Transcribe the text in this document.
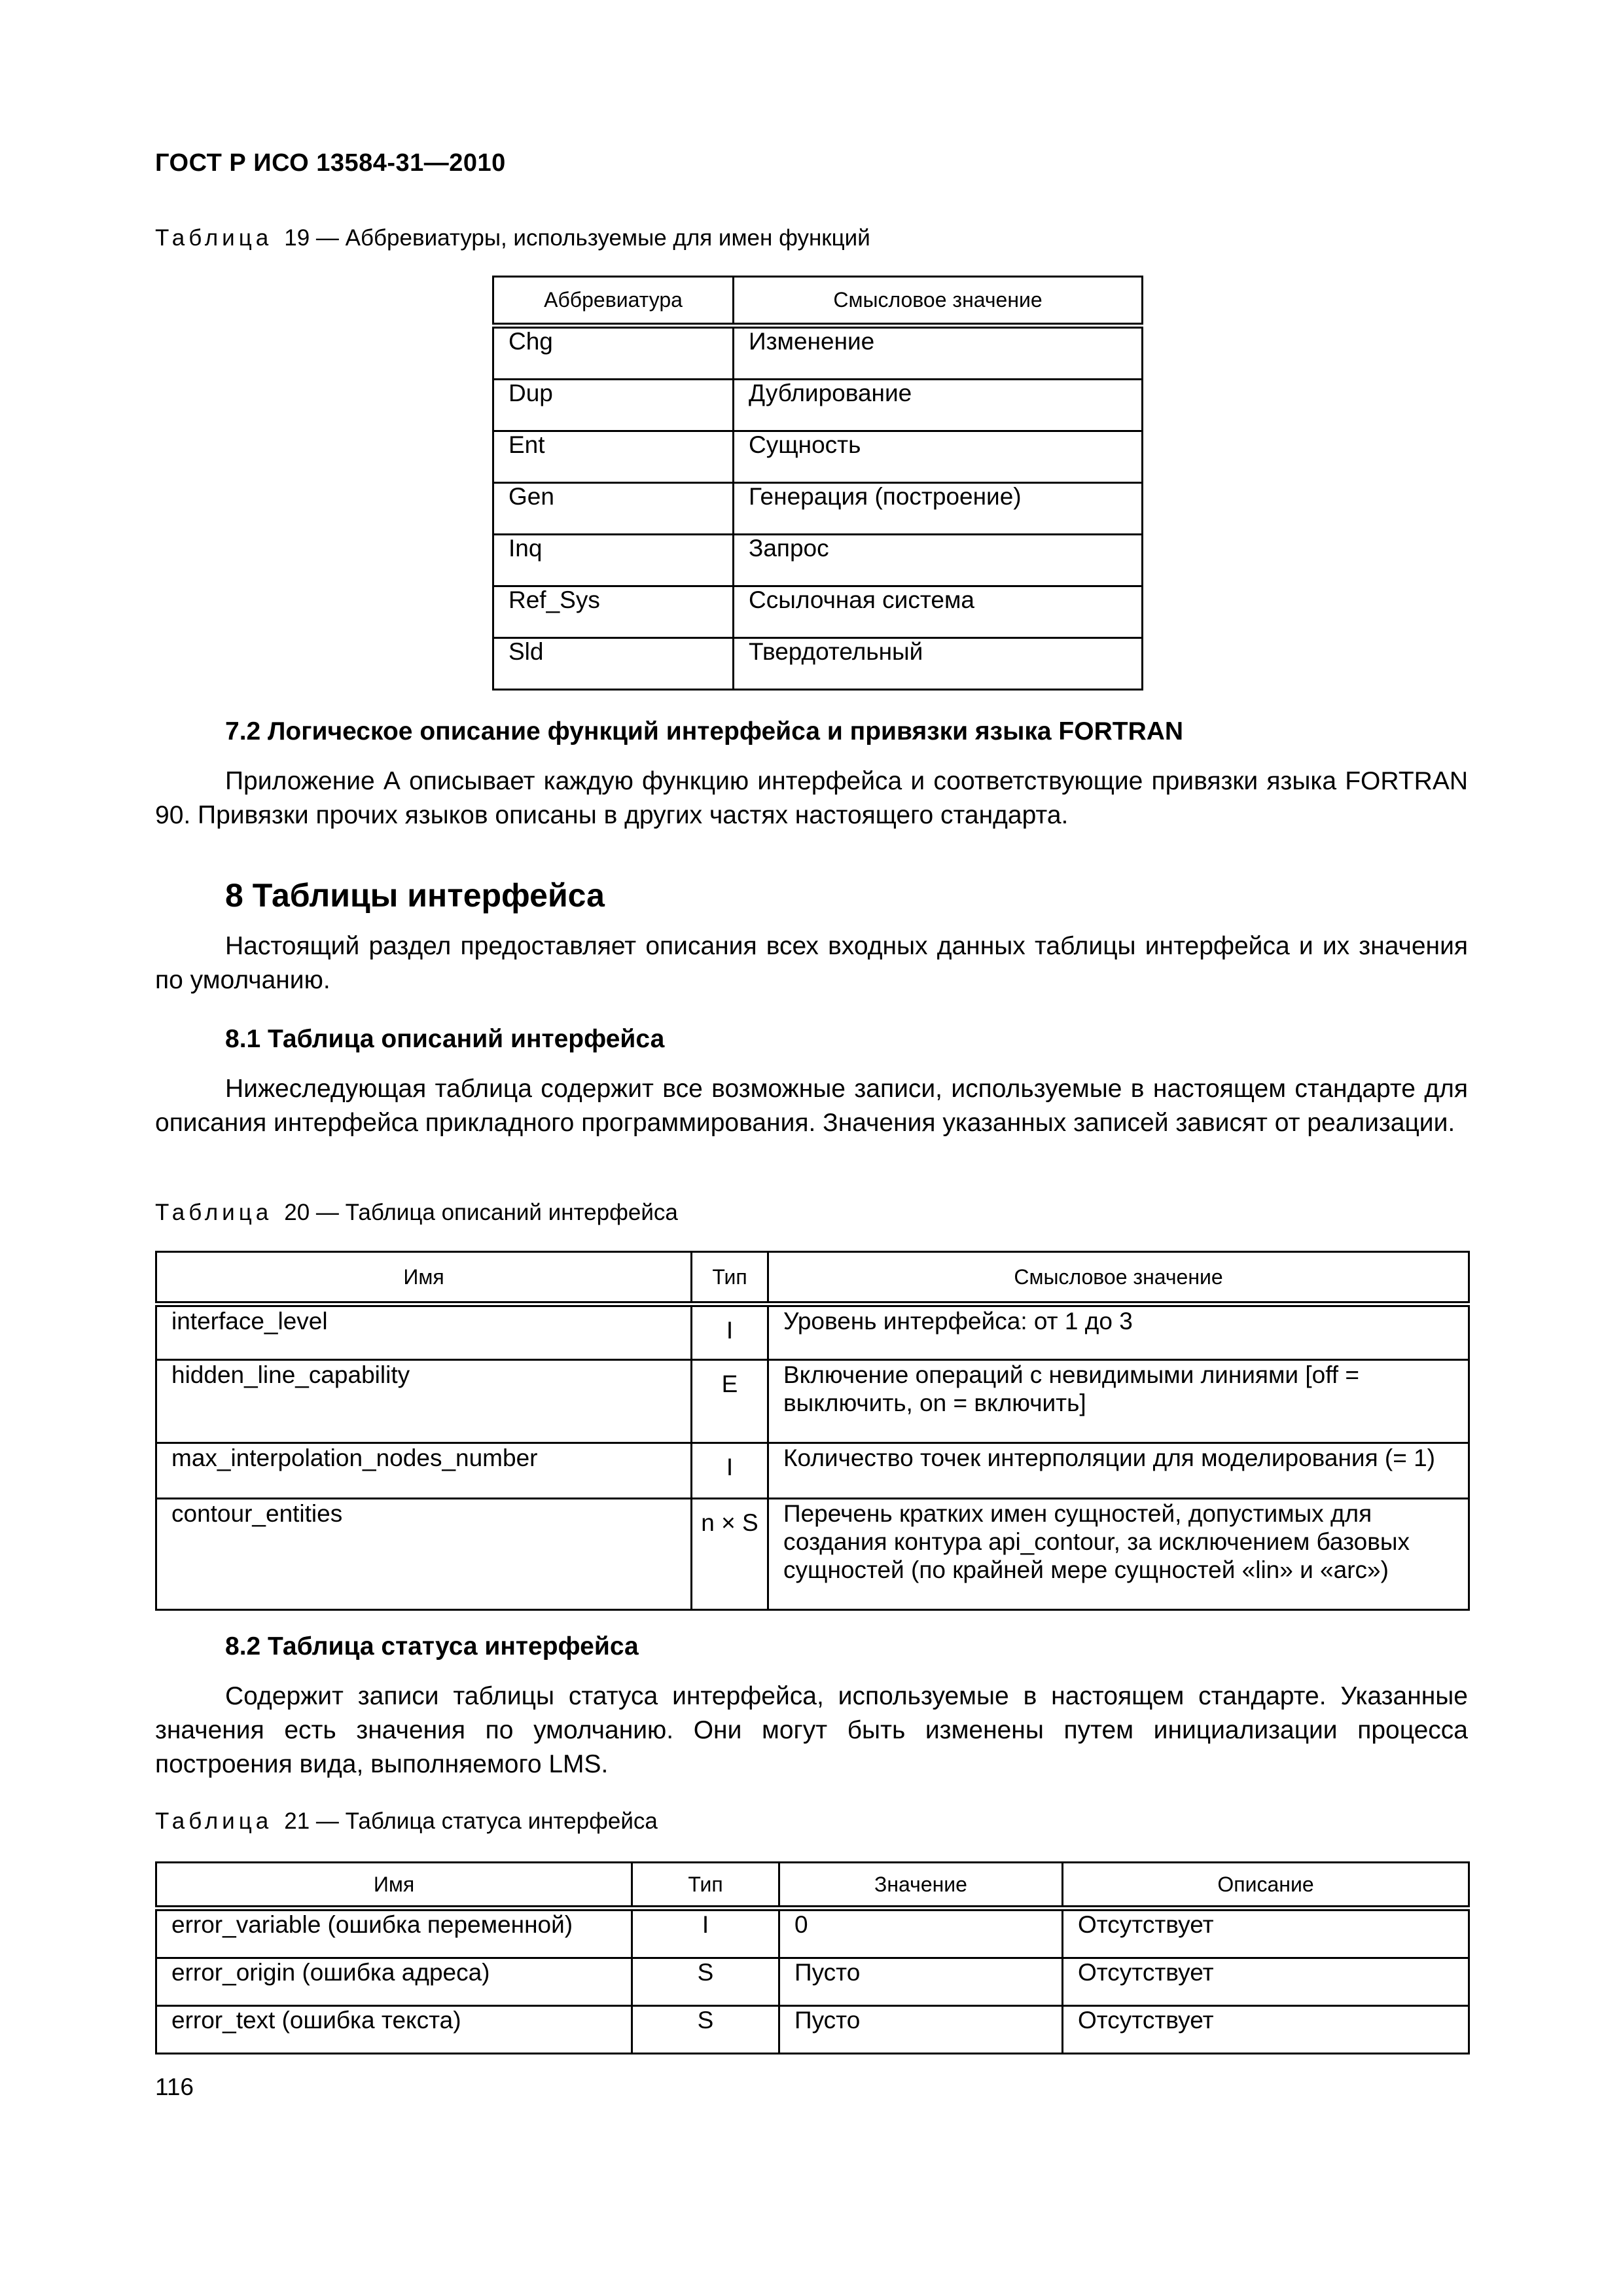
ГОСТ Р ИСО 13584-31—2010
Таблица 19 — Аббревиатуры, используемые для имен функций
Аббревиатура	Смысловое значение
Chg	Изменение
Dup	Дублирование
Ent	Сущность
Gen	Генерация (построение)
Inq	Запрос
Ref_Sys	Ссылочная система
Sld	Твердотельный
7.2 Логическое описание функций интерфейса и привязки языка FORTRAN
Приложение А описывает каждую функцию интерфейса и соответствующие привязки языка FORTRAN 90. Привязки прочих языков описаны в других частях настоящего стандарта.
8 Таблицы интерфейса
Настоящий раздел предоставляет описания всех входных данных таблицы интерфейса и их значения по умолчанию.
8.1 Таблица описаний интерфейса
Нижеследующая таблица содержит все возможные записи, используемые в настоящем стандарте для описания интерфейса прикладного программирования. Значения указанных записей зависят от реализации.
Таблица 20 — Таблица описаний интерфейса
Имя	Тип	Смысловое значение
interface_level	I	Уровень интерфейса: от 1 до 3
hidden_line_capability	E	Включение операций с невидимыми линиями [off = выключить, on = включить]
max_interpolation_nodes_number	I	Количество точек интерполяции для моделирования (= 1)
contour_entities	n × S	Перечень кратких имен сущностей, допустимых для создания контура api_contour, за исключением базовых сущностей (по крайней мере сущностей «lin» и «arc»)
8.2 Таблица статуса интерфейса
Содержит записи таблицы статуса интерфейса, используемые в настоящем стандарте. Указанные значения есть значения по умолчанию. Они могут быть изменены путем инициализации процесса построения вида, выполняемого LMS.
Таблица 21 — Таблица статуса интерфейса
Имя	Тип	Значение	Описание
error_variable (ошибка переменной)	I	0	Отсутствует
error_origin (ошибка адреса)	S	Пусто	Отсутствует
error_text (ошибка текста)	S	Пусто	Отсутствует
116
